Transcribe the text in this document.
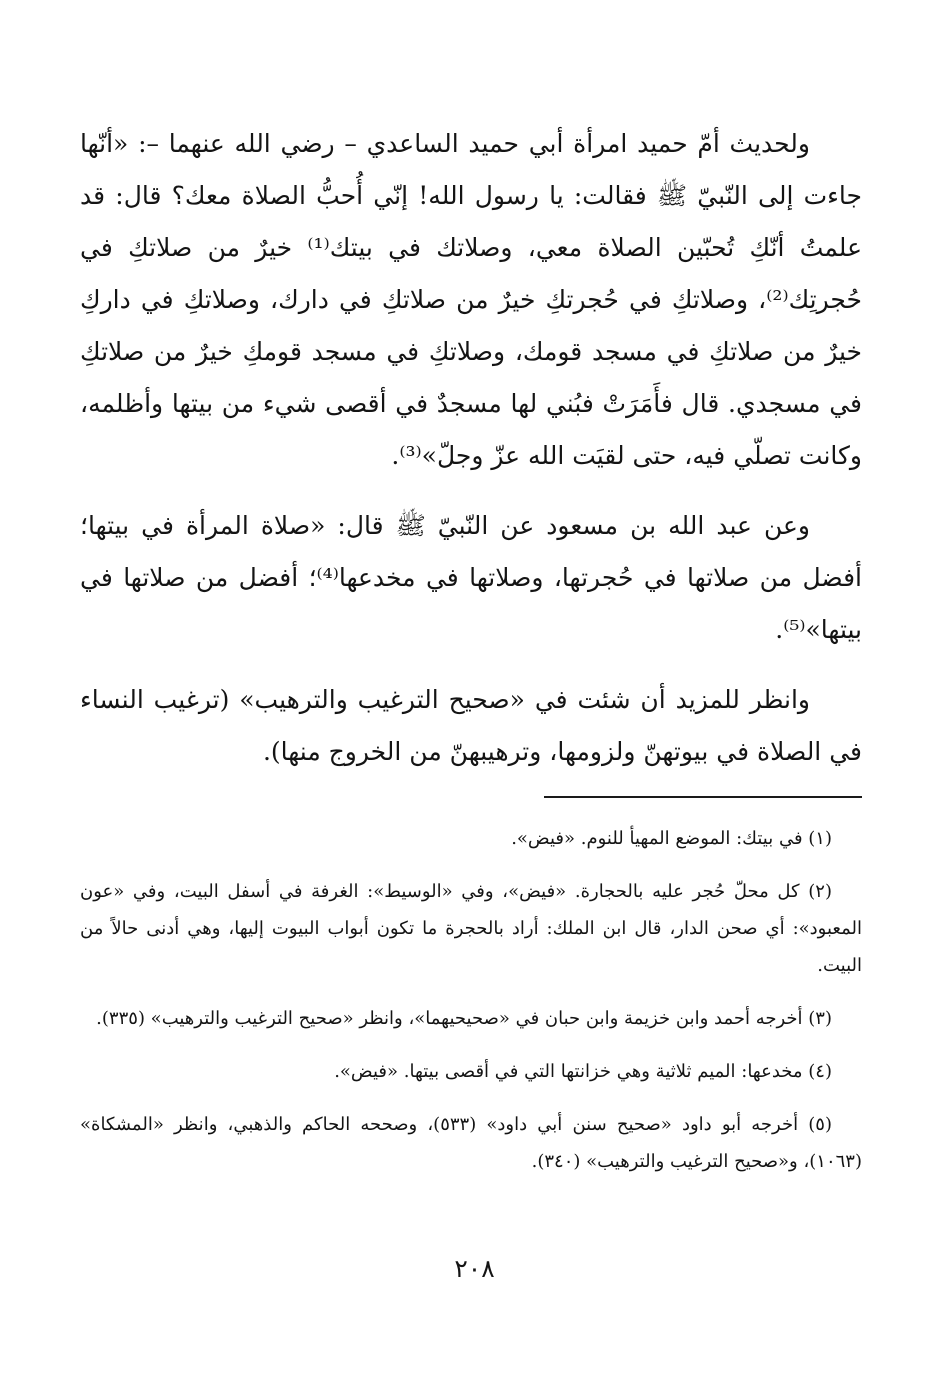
ولحديث أمّ حميد امرأة أبي حميد الساعدي – رضي الله عنهما –: «أنّها جاءت إلى النّبيّ ﷺ فقالت: يا رسول الله! إنّي أُحبُّ الصلاة معك؟ قال: قد علمتُ أنّكِ تُحبّين الصلاة معي، وصلاتك في بيتك⁽¹⁾ خيرٌ من صلاتكِ في حُجرتِك⁽²⁾، وصلاتكِ في حُجرتكِ خيرٌ من صلاتكِ في دارك، وصلاتكِ في داركِ خيرٌ من صلاتكِ في مسجد قومك، وصلاتكِ في مسجد قومكِ خيرٌ من صلاتكِ في مسجدي. قال فأَمَرَتْ فبُني لها مسجدٌ في أقصى شيء من بيتها وأظلمه، وكانت تصلّي فيه، حتى لقيَت الله عزّ وجلّ»⁽³⁾.

وعن عبد الله بن مسعود عن النّبيّ ﷺ قال: «صلاة المرأة في بيتها؛ أفضل من صلاتها في حُجرتها، وصلاتها في مخدعها⁽⁴⁾؛ أفضل من صلاتها في بيتها»⁽⁵⁾.

وانظر للمزيد أن شئت في «صحيح الترغيب والترهيب» (ترغيب النساء في الصلاة في بيوتهنّ ولزومها، وترهيبهنّ من الخروج منها).

(١) في بيتك: الموضع المهيأ للنوم. «فيض».

(٢) كل محلّ حُجر عليه بالحجارة. «فيض»، وفي «الوسيط»: الغرفة في أسفل البيت، وفي «عون المعبود»: أي صحن الدار، قال ابن الملك: أراد بالحجرة ما تكون أبواب البيوت إليها، وهي أدنى حالاً من البيت.

(٣) أخرجه أحمد وابن خزيمة وابن حبان في «صحيحيهما»، وانظر «صحيح الترغيب والترهيب» (٣٣٥).

(٤) مخدعها: الميم ثلاثية وهي خزانتها التي في أقصى بيتها. «فيض».

(٥) أخرجه أبو داود «صحيح سنن أبي داود» (٥٣٣)، وصححه الحاكم والذهبي، وانظر «المشكاة» (١٠٦٣)، و«صحيح الترغيب والترهيب» (٣٤٠).

٢٠٨
